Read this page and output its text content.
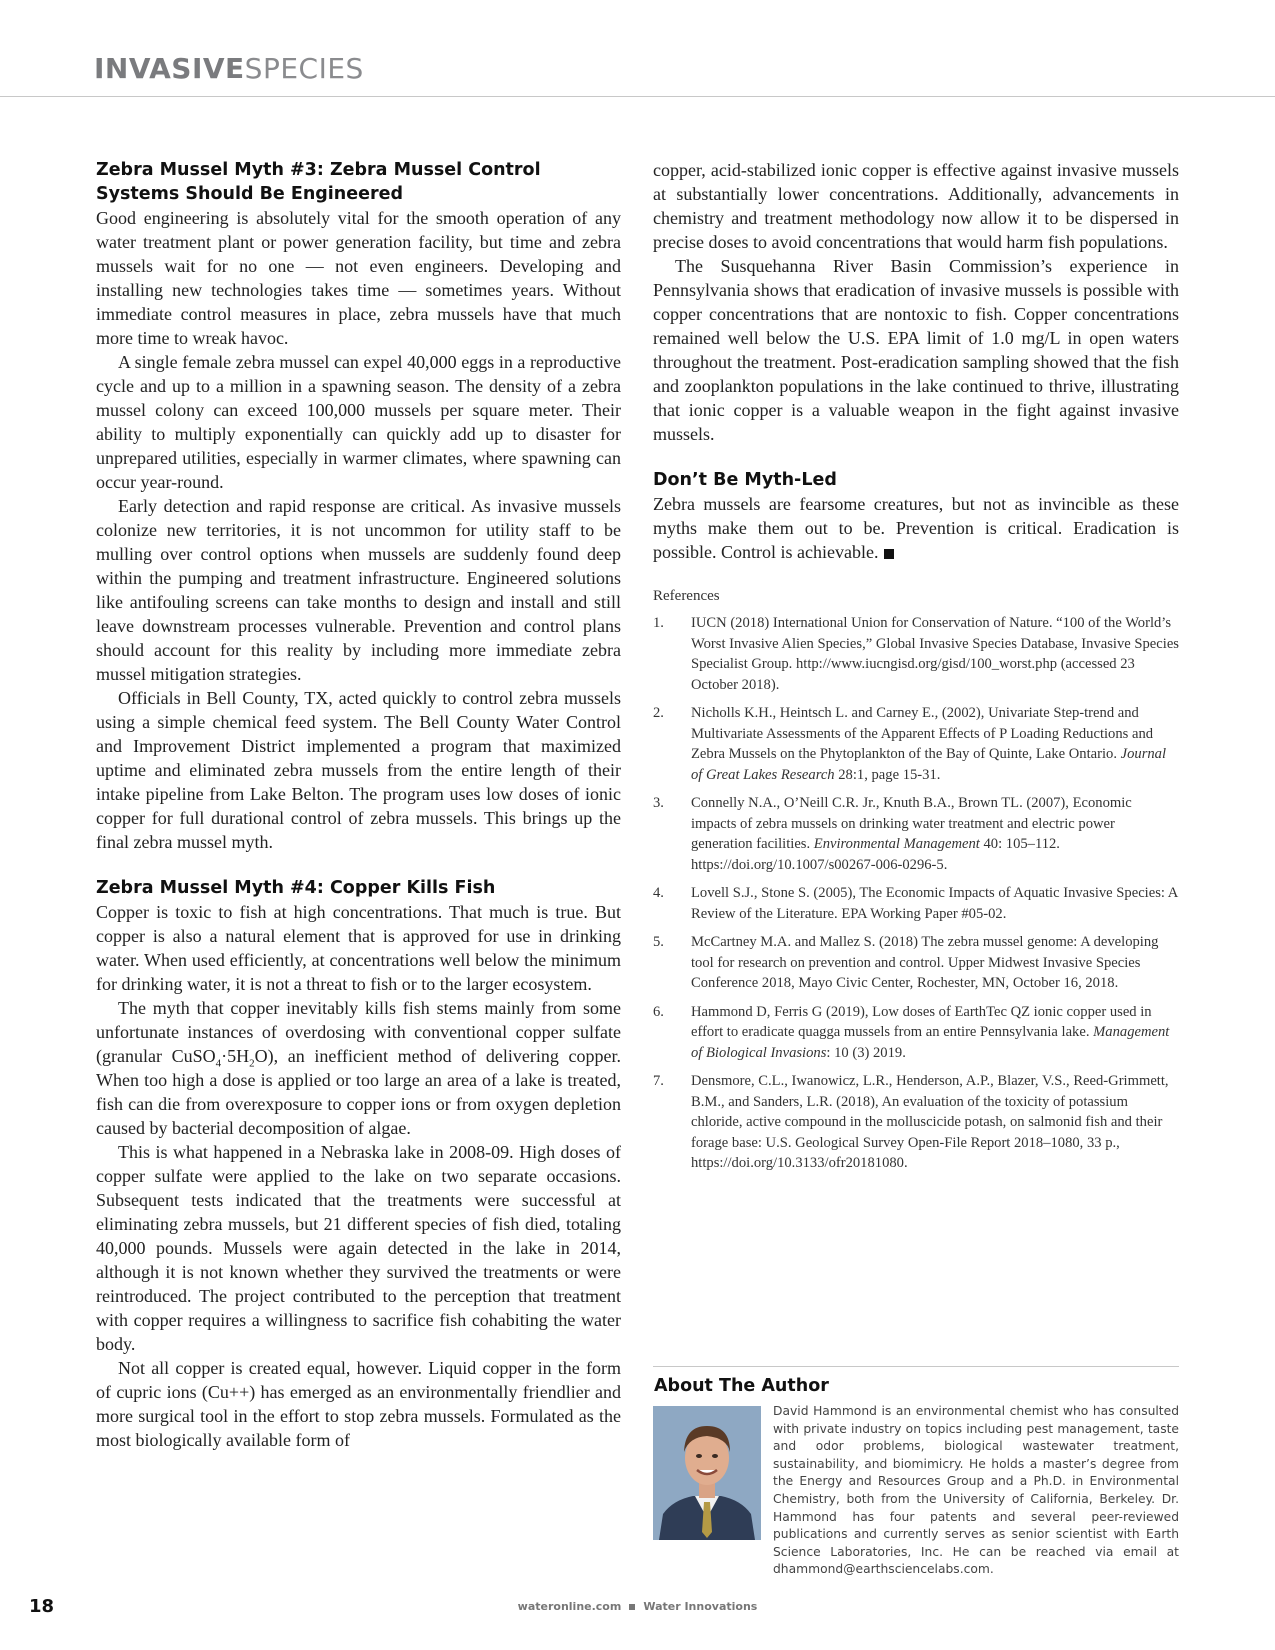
INVASIVESPECIES
Zebra Mussel Myth #3: Zebra Mussel Control Systems Should Be Engineered

Good engineering is absolutely vital for the smooth operation of any water treatment plant or power generation facility, but time and zebra mussels wait for no one — not even engineers. Developing and installing new technologies takes time — sometimes years. Without immediate control measures in place, zebra mussels have that much more time to wreak havoc.

A single female zebra mussel can expel 40,000 eggs in a reproductive cycle and up to a million in a spawning season. The density of a zebra mussel colony can exceed 100,000 mussels per square meter. Their ability to multiply exponentially can quickly add up to disaster for unprepared utilities, especially in warmer climates, where spawning can occur year-round.

Early detection and rapid response are critical. As invasive mussels colonize new territories, it is not uncommon for utility staff to be mulling over control options when mussels are suddenly found deep within the pumping and treatment infrastructure. Engineered solutions like antifouling screens can take months to design and install and still leave downstream processes vulnerable. Prevention and control plans should account for this reality by including more immediate zebra mussel mitigation strategies.

Officials in Bell County, TX, acted quickly to control zebra mussels using a simple chemical feed system. The Bell County Water Control and Improvement District implemented a program that maximized uptime and eliminated zebra mussels from the entire length of their intake pipeline from Lake Belton. The program uses low doses of ionic copper for full durational control of zebra mussels. This brings up the final zebra mussel myth.

Zebra Mussel Myth #4: Copper Kills Fish

Copper is toxic to fish at high concentrations. That much is true. But copper is also a natural element that is approved for use in drinking water. When used efficiently, at concentrations well below the minimum for drinking water, it is not a threat to fish or to the larger ecosystem.

The myth that copper inevitably kills fish stems mainly from some unfortunate instances of overdosing with conventional copper sulfate (granular $CuSO_4\cdot 5H_2O$), an inefficient method of delivering copper. When too high a dose is applied or too large an area of a lake is treated, fish can die from overexposure to copper ions or from oxygen depletion caused by bacterial decomposition of algae.

This is what happened in a Nebraska lake in 2008-09. High doses of copper sulfate were applied to the lake on two separate occasions. Subsequent tests indicated that the treatments were successful at eliminating zebra mussels, but 21 different species of fish died, totaling 40,000 pounds. Mussels were again detected in the lake in 2014, although it is not known whether they survived the treatments or were reintroduced. The project contributed to the perception that treatment with copper requires a willingness to sacrifice fish cohabiting the water body.

Not all copper is created equal, however. Liquid copper in the form of cupric ions (Cu++) has emerged as an environmentally friendlier and more surgical tool in the effort to stop zebra mussels. Formulated as the most biologically available form of

copper, acid-stabilized ionic copper is effective against invasive mussels at substantially lower concentrations. Additionally, advancements in chemistry and treatment methodology now allow it to be dispersed in precise doses to avoid concentrations that would harm fish populations.

The Susquehanna River Basin Commission’s experience in Pennsylvania shows that eradication of invasive mussels is possible with copper concentrations that are nontoxic to fish. Copper concentrations remained well below the U.S. EPA limit of 1.0 mg/L in open waters throughout the treatment. Post-eradication sampling showed that the fish and zooplankton populations in the lake continued to thrive, illustrating that ionic copper is a valuable weapon in the fight against invasive mussels.

Don’t Be Myth-Led

Zebra mussels are fearsome creatures, but not as invincible as these myths make them out to be. Prevention is critical. Eradication is possible. Control is achievable.

References
1.	IUCN (2018) International Union for Conservation of Nature. “100 of the World’s Worst Invasive Alien Species,” Global Invasive Species Database, Invasive Species Specialist Group. http://www.iucngisd.org/gisd/100_worst.php (accessed 23 October 2018).
2.	Nicholls K.H., Heintsch L. and Carney E., (2002), Univariate Step-trend and Multivariate Assessments of the Apparent Effects of P Loading Reductions and Zebra Mussels on the Phytoplankton of the Bay of Quinte, Lake Ontario. Journal of Great Lakes Research 28:1, page 15-31.
3.	Connelly N.A., O’Neill C.R. Jr., Knuth B.A., Brown TL. (2007), Economic impacts of zebra mussels on drinking water treatment and electric power generation facilities. Environmental Management 40: 105–112. https://doi.org/10.1007/s00267-006-0296-5.
4.	Lovell S.J., Stone S. (2005), The Economic Impacts of Aquatic Invasive Species: A Review of the Literature. EPA Working Paper #05-02.
5.	McCartney M.A. and Mallez S. (2018) The zebra mussel genome: A developing tool for research on prevention and control. Upper Midwest Invasive Species Conference 2018, Mayo Civic Center, Rochester, MN, October 16, 2018.
6.	Hammond D, Ferris G (2019), Low doses of EarthTec QZ ionic copper used in effort to eradicate quagga mussels from an entire Pennsylvania lake. Management of Biological Invasions: 10 (3) 2019.
7.	Densmore, C.L., Iwanowicz, L.R., Henderson, A.P., Blazer, V.S., Reed-Grimmett, B.M., and Sanders, L.R. (2018), An evaluation of the toxicity of potassium chloride, active compound in the molluscicide potash, on salmonid fish and their forage base: U.S. Geological Survey Open-File Report 2018–1080, 33 p., https://doi.org/10.3133/ofr20181080.
About The Author

David Hammond is an environmental chemist who has consulted with private industry on topics including pest management, taste and odor problems, biological wastewater treatment, sustainability, and biomimicry. He holds a master’s degree from the Energy and Resources Group and a Ph.D. in Environmental Chemistry, both from the University of California, Berkeley. Dr. Hammond has four patents and several peer-reviewed publications and currently serves as senior scientist with Earth Science Laboratories, Inc. He can be reached via email at dhammond@earthsciencelabs.com.

18	wateronline.com Water Innovations
